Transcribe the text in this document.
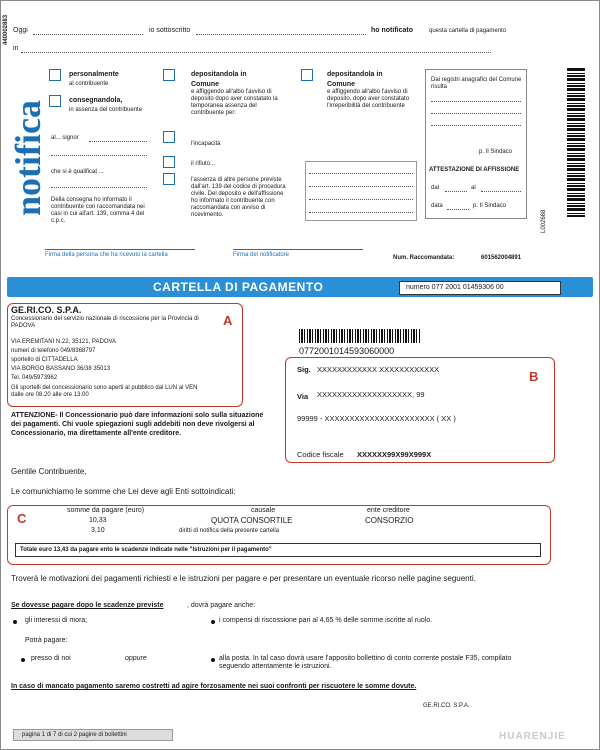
440002883 Oggi	io sottoscritto	ho notificato	questa cartella di pagamento
in
notifica
personalmente
al contribuente
consegnandola,
in assenza del contribuente
al... signor
che si è qualificat ...
Della consegna ho informato il contribuente con raccomandata nei casi in cui all'art. 139, comma 4 del c.p.c.
depositandola in
Comune
e affiggendo all'albo l'avviso di deposito dopo aver constatato la temporanea assenza del contribuente per:
l'incapacità
il rifiuto...
l'assenza di altre persone previste dall'art. 139 del codice di procedura civile. Del deposito e dell'affissione ho informato il contribuente con raccomandata con avviso di ricevimento.
depositandola in
Comune
e affiggendo all'albo l'avviso di deposito, dopo aver constatato l'irreperibilità del contribuente
Dai registri anagrafici del Comune risulta
p. Il Sindaco
ATTESTAZIONE DI AFFISSIONE
dal	al
data	p. Il Sindaco
L002668
Firma della persona che ha ricevuto la cartella	Firma del notificatore	Num. Raccomandata:	601562004891
CARTELLA DI PAGAMENTO	numero 077 2001 01459306 00
A
GE.RI.CO. S.P.A.
Concessionario del servizio nazionale di riscossione per la Provincia di PADOVA
VIA EREMITANI N.22, 35121, PADOVA
numeri di telefono 049/8368797
sportello di CITTADELLA
VIA BORGO BASSANO 36/38 35013
Tel. 049/5973962
Gli sportelli del concessionario sono aperti al pubblico dal LUN al VEN dalle ore 08.20 alle ore 13.00
0772001014593060000
B
Sig. XXXXXXXXXXXX XXXXXXXXXXXX
Via XXXXXXXXXXXXXXXXXXX, 99
99999 - XXXXXXXXXXXXXXXXXXXXXX ( XX )
Codice fiscale XXXXXX99X99X999X
ATTENZIONE- Il Concessionario può dare informazioni solo sulla situazione dei pagamenti. Chi vuole spiegazioni sugli addebiti non deve rivolgersi al Concessionario, ma direttamente all'ente creditore.
Gentile Contribuente,
Le comunichiamo le somme che Lei deve agli Enti sottoindicati:
C
somme da pagare (euro)	causale	ente creditore
10,33	QUOTA CONSORTILE	CONSORZIO
3,10	diritti di notifica della presente cartella
Totale euro 13,43 da pagare ento le scadenze indicate nelle "Istruzioni per il pagamento"
Troverà le motivazioni dei pagamenti richiesti e le istruzioni per pagare e per presentare un eventuale ricorso nelle pagine seguenti.
Se dovesse pagare dopo le scadenze previste	, dovrà pagare anche:
gli interessi di mora;	i compensi di riscossione pari al 4,65 % delle somme iscritte al ruolo.
Potrà pagare:
presso di noi	oppure	alla posta. In tal caso dovrà usare l'apposito bollettino di conto corrente postale F35, compilato seguendo attentamente le istruzioni.
In caso di mancato pagamento saremo costretti ad agire forzosamente nei suoi confronti per riscuotere le somme dovute.
GE.RI.CO. S.P.A.
pagina 1 di 7 di cui 2 pagine di bollettini	HUARENJIE
